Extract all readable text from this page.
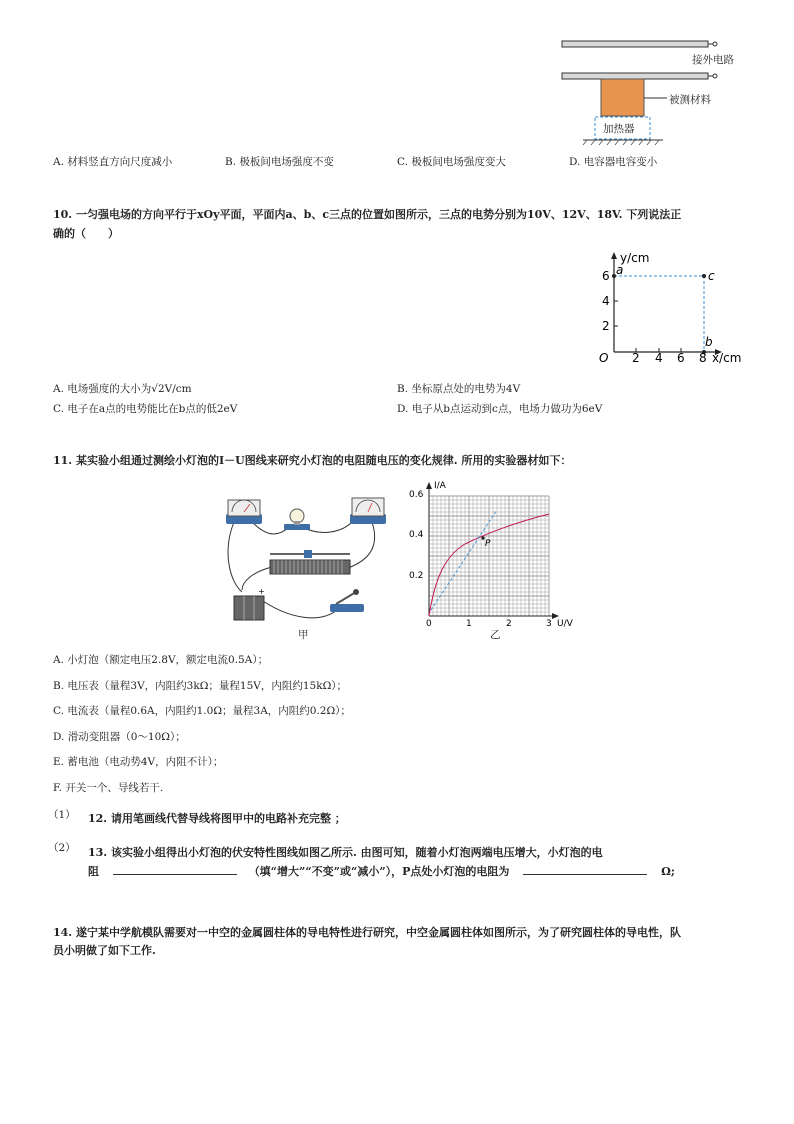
接外电路
被测材料
加热器
A. 材料竖直方向尺度减小	B. 极板间电场强度不变	C. 极板间电场强度变大	D. 电容器电容变小
10. 一匀强电场的方向平行于xOy平面，平面内a、b、c三点的位置如图所示，三点的电势分别为10V、12V、18V. 下列说法正
确的（　　）
y/cm
x/cm
O
2
4
6
2 4 6 8
a
b
c
A. 电场强度的大小为√2V/cm	B. 坐标原点处的电势为4V
C. 电子在a点的电势能比在b点的低2eV	D. 电子从b点运动到c点，电场力做功为6eV
11. 某实验小组通过测绘小灯泡的I－U图线来研究小灯泡的电阻随电压的变化规律. 所用的实验器材如下：
+
甲
P
I/A
U/V
0.2
0.4
0.6
0	1	2	3
乙
A. 小灯泡（额定电压2.8V，额定电流0.5A）；
B. 电压表（量程3V，内阻约3kΩ；量程15V，内阻约15kΩ）；
C. 电流表（量程0.6A，内阻约1.0Ω；量程3A，内阻约0.2Ω）；
D. 滑动变阻器（0～10Ω）；
E. 蓄电池（电动势4V，内阻不计）；
F. 开关一个、导线若干.
（1） 12. 请用笔画线代替导线将图甲中的电路补充完整 ；
（2） 13. 该实验小组得出小灯泡的伏安特性图线如图乙所示. 由图可知，随着小灯泡两端电压增大，小灯泡的电
阻	（填“增大”“不变”或“减小”），P点处小灯泡的电阻为	Ω;
14. 遂宁某中学航模队需要对一中空的金属圆柱体的导电特性进行研究，中空金属圆柱体如图所示，为了研究圆柱体的导电性，队
员小明做了如下工作.
